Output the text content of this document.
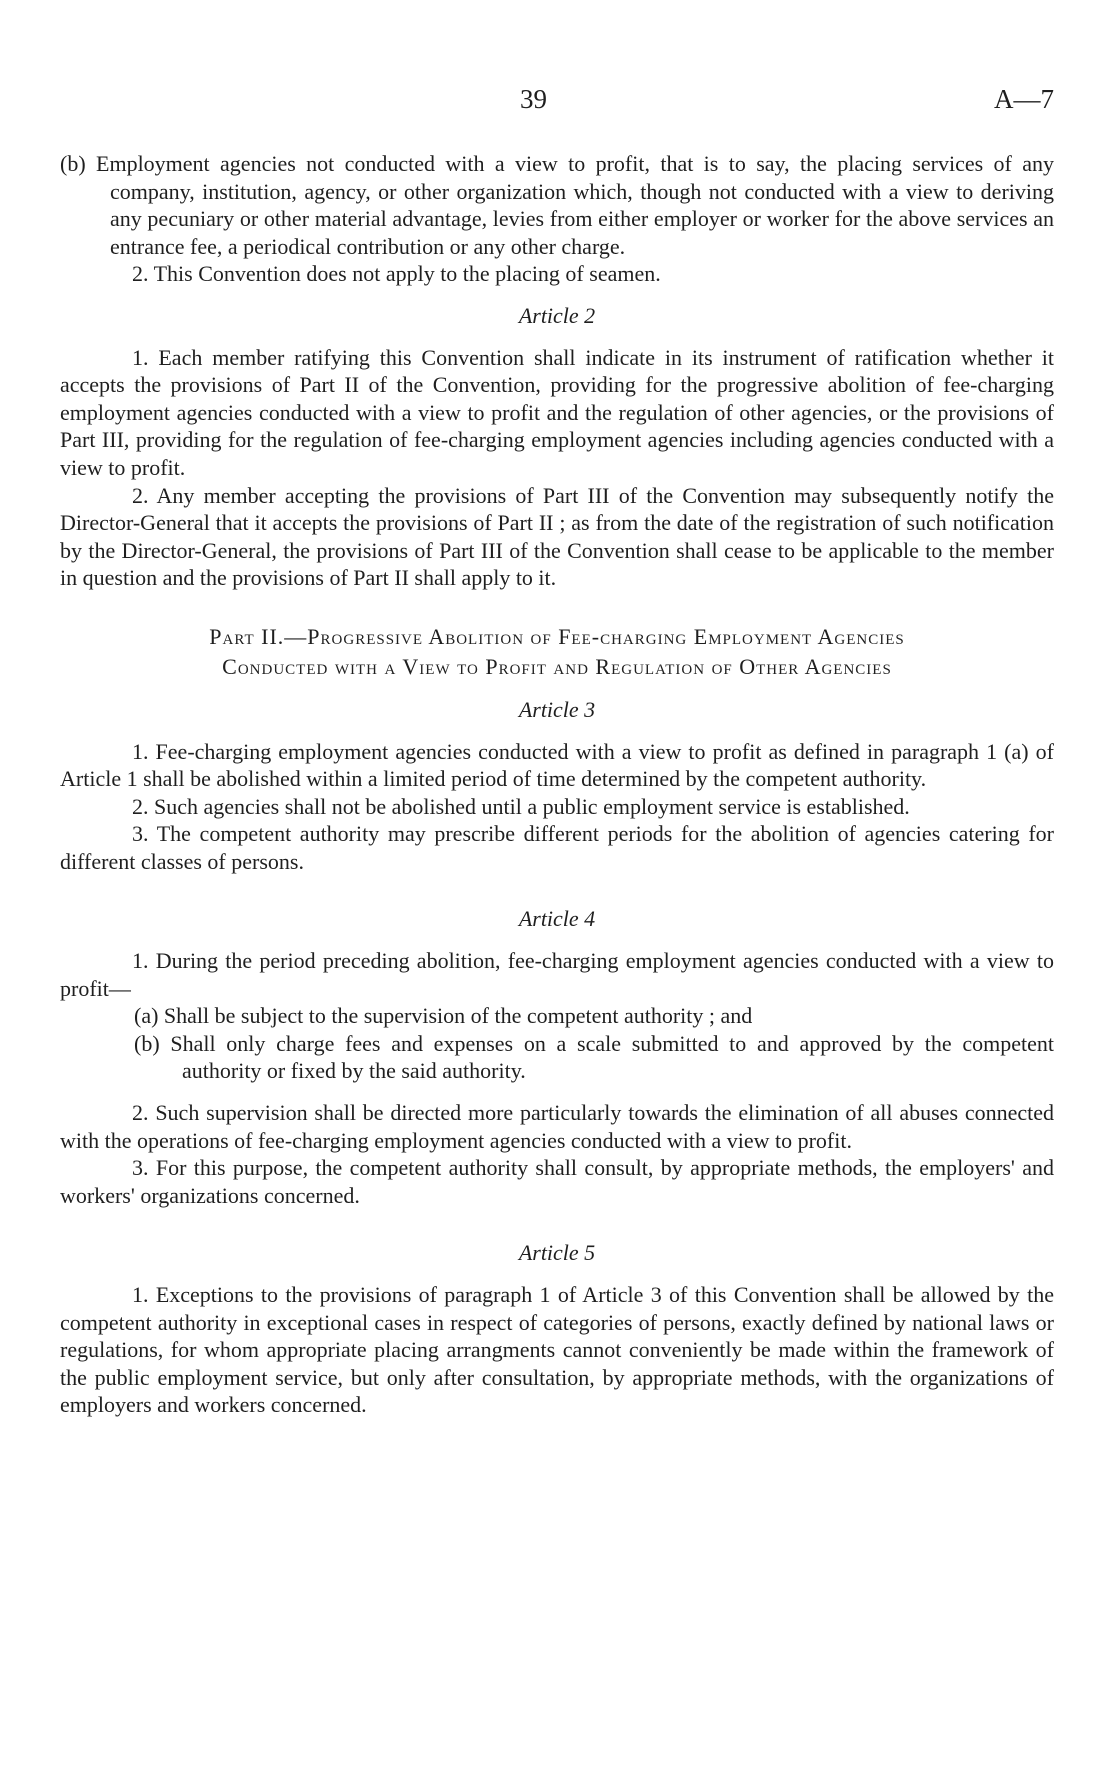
39	A—7

(b) Employment agencies not conducted with a view to profit, that is to say, the placing services of any company, institution, agency, or other organization which, though not conducted with a view to deriving any pecuniary or other material advantage, levies from either employer or worker for the above services an entrance fee, a periodical contribution or any other charge.

2. This Convention does not apply to the placing of seamen.

Article 2

1. Each member ratifying this Convention shall indicate in its instrument of ratification whether it accepts the provisions of Part II of the Convention, providing for the progressive abolition of fee-charging employment agencies conducted with a view to profit and the regulation of other agencies, or the provisions of Part III, providing for the regulation of fee-charging employment agencies including agencies conducted with a view to profit.

2. Any member accepting the provisions of Part III of the Convention may subsequently notify the Director-General that it accepts the provisions of Part II ; as from the date of the registration of such notification by the Director-General, the provisions of Part III of the Convention shall cease to be applicable to the member in question and the provisions of Part II shall apply to it.

Part II.—Progressive Abolition of Fee-charging Employment Agencies
Conducted with a View to Profit and Regulation of Other Agencies

Article 3

1. Fee-charging employment agencies conducted with a view to profit as defined in paragraph 1 (a) of Article 1 shall be abolished within a limited period of time determined by the competent authority.

2. Such agencies shall not be abolished until a public employment service is established.

3. The competent authority may prescribe different periods for the abolition of agencies catering for different classes of persons.

Article 4

1. During the period preceding abolition, fee-charging employment agencies conducted with a view to profit—

(a) Shall be subject to the supervision of the competent authority ; and

(b) Shall only charge fees and expenses on a scale submitted to and approved by the competent authority or fixed by the said authority.

2. Such supervision shall be directed more particularly towards the elimination of all abuses connected with the operations of fee-charging employment agencies conducted with a view to profit.

3. For this purpose, the competent authority shall consult, by appropriate methods, the employers' and workers' organizations concerned.

Article 5

1. Exceptions to the provisions of paragraph 1 of Article 3 of this Convention shall be allowed by the competent authority in exceptional cases in respect of categories of persons, exactly defined by national laws or regulations, for whom appropriate placing arrangments cannot conveniently be made within the framework of the public employment service, but only after consultation, by appropriate methods, with the organizations of employers and workers concerned.
